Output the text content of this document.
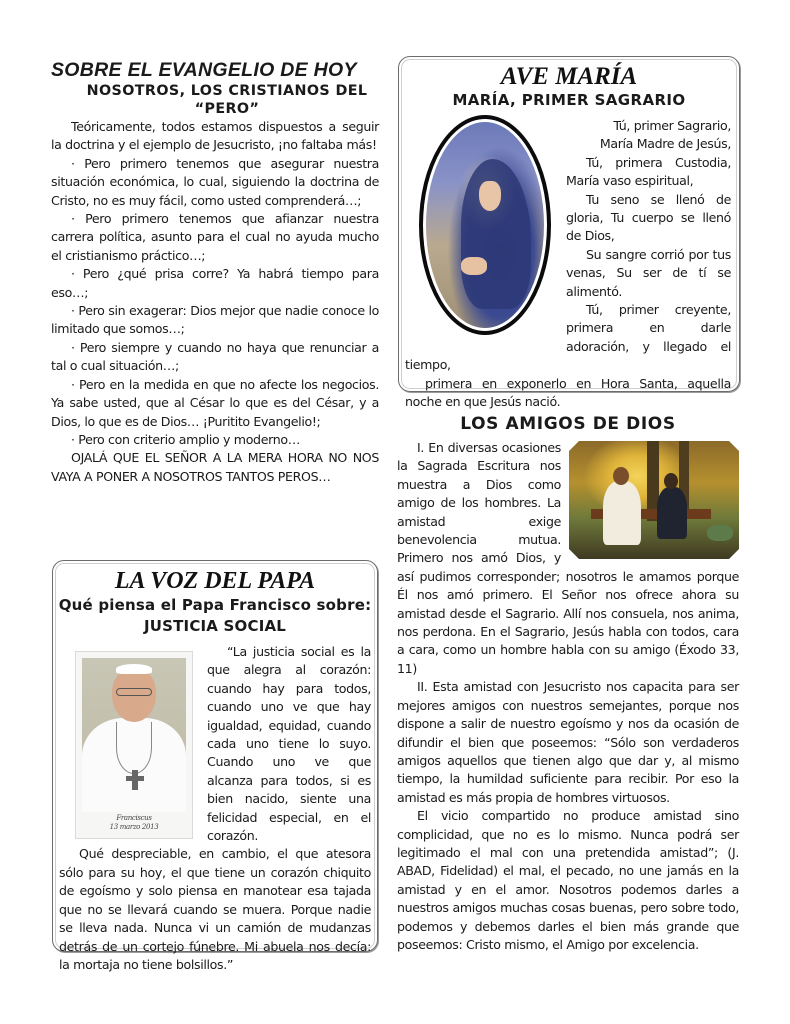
SOBRE EL EVANGELIO DE HOY
NOSOTROS, LOS CRISTIANOS DEL “PERO”

Teóricamente, todos estamos dispuestos a seguir la doctrina y el ejemplo de Jesucristo, ¡no faltaba más!

· Pero primero tenemos que asegurar nuestra situación económica, lo cual, siguiendo la doctrina de Cristo, no es muy fácil, como usted comprenderá…;

· Pero primero tenemos que afianzar nuestra carrera política, asunto para el cual no ayuda mucho el cristianismo práctico…;

· Pero ¿qué prisa corre? Ya habrá tiempo para eso…;

· Pero sin exagerar: Dios mejor que nadie conoce lo limitado que somos…;

· Pero siempre y cuando no haya que renunciar a tal o cual situación…;

· Pero en la medida en que no afecte los negocios. Ya sabe usted, que al César lo que es del César, y a Dios, lo que es de Dios… ¡Puritito Evangelio!;

· Pero con criterio amplio y moderno…

OJALÁ QUE EL SEÑOR A LA MERA HORA NO NOS VAYA A PONER A NOSOTROS TANTOS PEROS…

AVE MARÍA
MARÍA, PRIMER SAGRARIO

Tú, primer Sagrario, María Madre de Jesús,

Tú, primera Custodia, María vaso espiritual,

Tu seno se llenó de gloria, Tu cuerpo se llenó de Dios,

Su sangre corrió por tus venas, Su ser de tí se alimentó.

Tú, primer creyente, primera en darle adoración, y llegado el tiempo,

primera en exponerlo en Hora Santa, aquella noche en que Jesús nació.

LA VOZ DEL PAPA
Qué piensa el Papa Francisco sobre:
JUSTICIA SOCIAL
Franciscus
13 marzo 2013

“La justicia social es la que alegra al corazón: cuando hay para todos, cuando uno ve que hay igualdad, equidad, cuando cada uno tiene lo suyo. Cuando uno ve que alcanza para todos, si es bien nacido, siente una felicidad especial, en el corazón.

Qué despreciable, en cambio, el que atesora sólo para su hoy, el que tiene un corazón chiquito de egoísmo y solo piensa en manotear esa tajada que no se llevará cuando se muera. Porque nadie se lleva nada. Nunca vi un camión de mudanzas detrás de un cortejo fúnebre. Mi abuela nos decía: la mortaja no tiene bolsillos.”

LOS AMIGOS DE DIOS

I. En diversas ocasiones la Sagrada Escritura nos muestra a Dios como amigo de los hombres. La amistad exige benevolencia mutua. Primero nos amó Dios, y así pudimos corresponder; nosotros le amamos porque Él nos amó primero. El Señor nos ofrece ahora su amistad desde el Sagrario. Allí nos consuela, nos anima, nos perdona. En el Sagrario, Jesús habla con todos, cara a cara, como un hombre habla con su amigo (Éxodo 33, 11)

II. Esta amistad con Jesucristo nos capacita para ser mejores amigos con nuestros semejantes, porque nos dispone a salir de nuestro egoísmo y nos da ocasión de difundir el bien que poseemos: “Sólo son verdaderos amigos aquellos que tienen algo que dar y, al mismo tiempo, la humildad suficiente para recibir. Por eso la amistad es más propia de hombres virtuosos.

El vicio compartido no produce amistad sino complicidad, que no es lo mismo. Nunca podrá ser legitimado el mal con una pretendida amistad”; (J. ABAD, Fidelidad) el mal, el pecado, no une jamás en la amistad y en el amor. Nosotros podemos darles a nuestros amigos muchas cosas buenas, pero sobre todo, podemos y debemos darles el bien más grande que poseemos: Cristo mismo, el Amigo por excelencia.
